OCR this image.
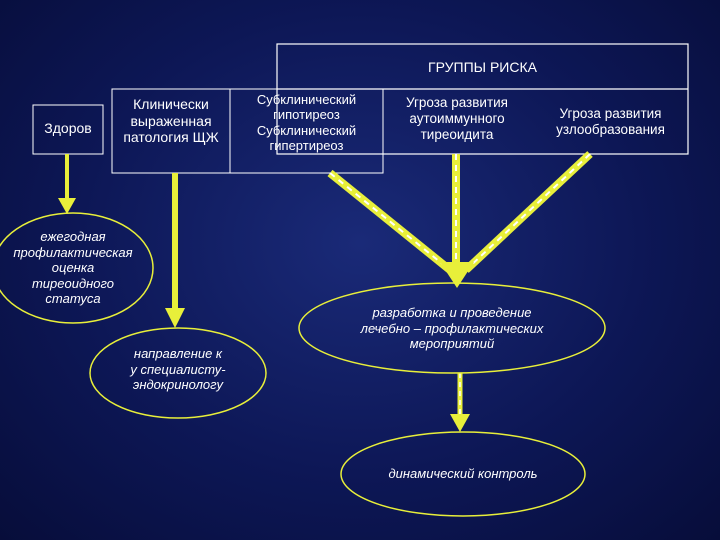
ГРУППЫ РИСКА
Здоров
Клинически
выраженная
патология ЩЖ
Субклинический
гипотиреоз
Субклинический
гипертиреоз
Угроза развития
аутоиммунного
тиреоидита
Угроза развития
узлообразования
ежегодная
профилактическая
оценка
тиреоидного
статуса
направление к
у специалисту-
эндокринологу
разработка и проведение
лечебно – профилактических
мероприятий
динамический контроль
